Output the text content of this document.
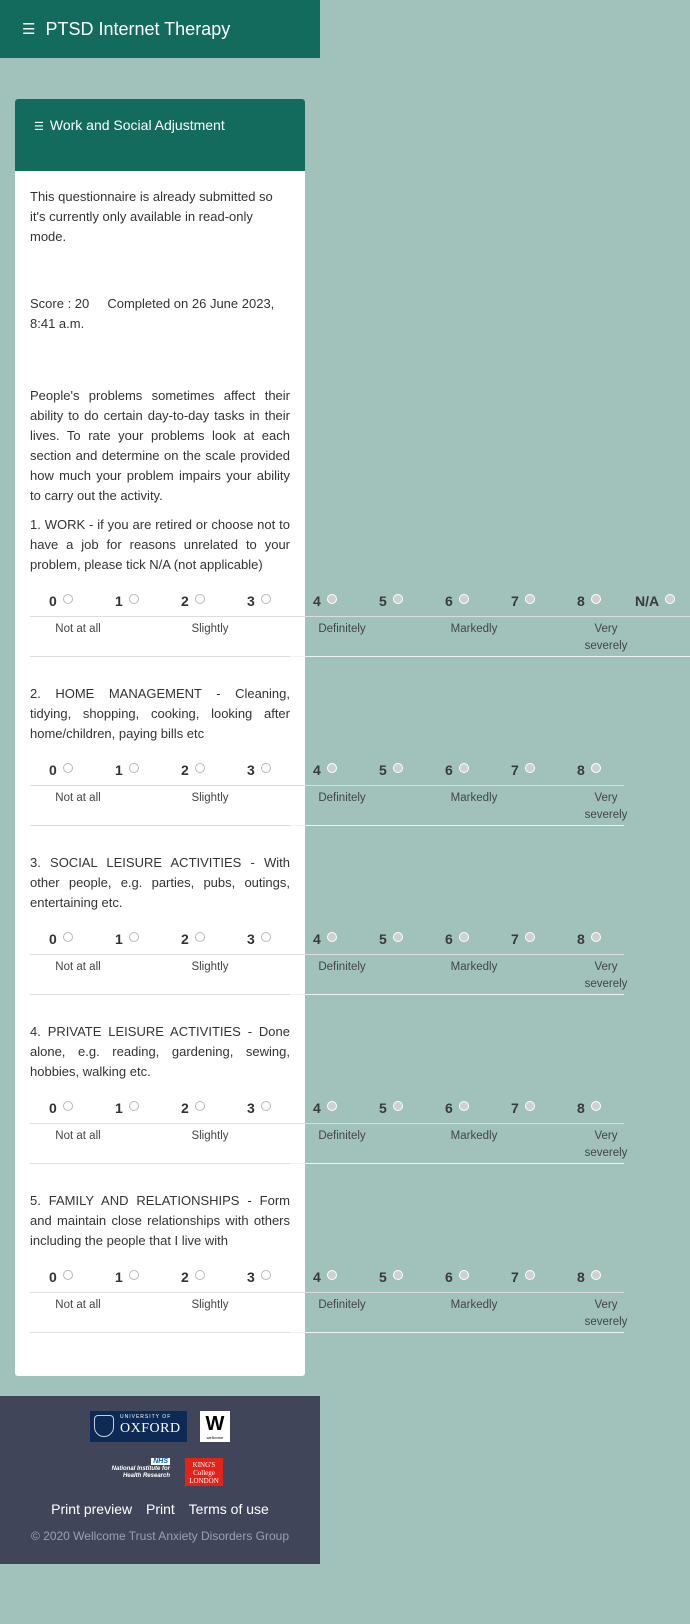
☰ PTSD Internet Therapy
☰ Work and Social Adjustment
This questionnaire is already submitted so it's currently only available in read-only mode.
Score : 20 Completed on 26 June 2023, 8:41 a.m.
People's problems sometimes affect their ability to do certain day-to-day tasks in their lives. To rate your problems look at each section and determine on the scale provided how much your problem impairs your ability to carry out the activity.
1. WORK - if you are retired or choose not to have a job for reasons unrelated to your problem, please tick N/A (not applicable)
0	1	2	3	4	5	6	7	8	N/A
Not at all	Slightly	Definitely	Markedly	Very severely
2. HOME MANAGEMENT - Cleaning, tidying, shopping, cooking, looking after home/children, paying bills etc
0	1	2	3	4	5	6	7	8
Not at all	Slightly	Definitely	Markedly	Very severely
3. SOCIAL LEISURE ACTIVITIES - With other people, e.g. parties, pubs, outings, entertaining etc.
0	1	2	3	4	5	6	7	8
Not at all	Slightly	Definitely	Markedly	Very severely
4. PRIVATE LEISURE ACTIVITIES - Done alone, e.g. reading, gardening, sewing, hobbies, walking etc.
0	1	2	3	4	5	6	7	8
Not at all	Slightly	Definitely	Markedly	Very severely
5. FAMILY AND RELATIONSHIPS - Form and maintain close relationships with others including the people that I live with
0	1	2	3	4	5	6	7	8
Not at all	Slightly	Definitely	Markedly	Very severely
UNIVERSITY OF
OXFORD W
wellcome
NHS
National Institute for Health Research
KING'S College LONDON
Print preview Print Terms of use
© 2020 Wellcome Trust Anxiety Disorders Group
